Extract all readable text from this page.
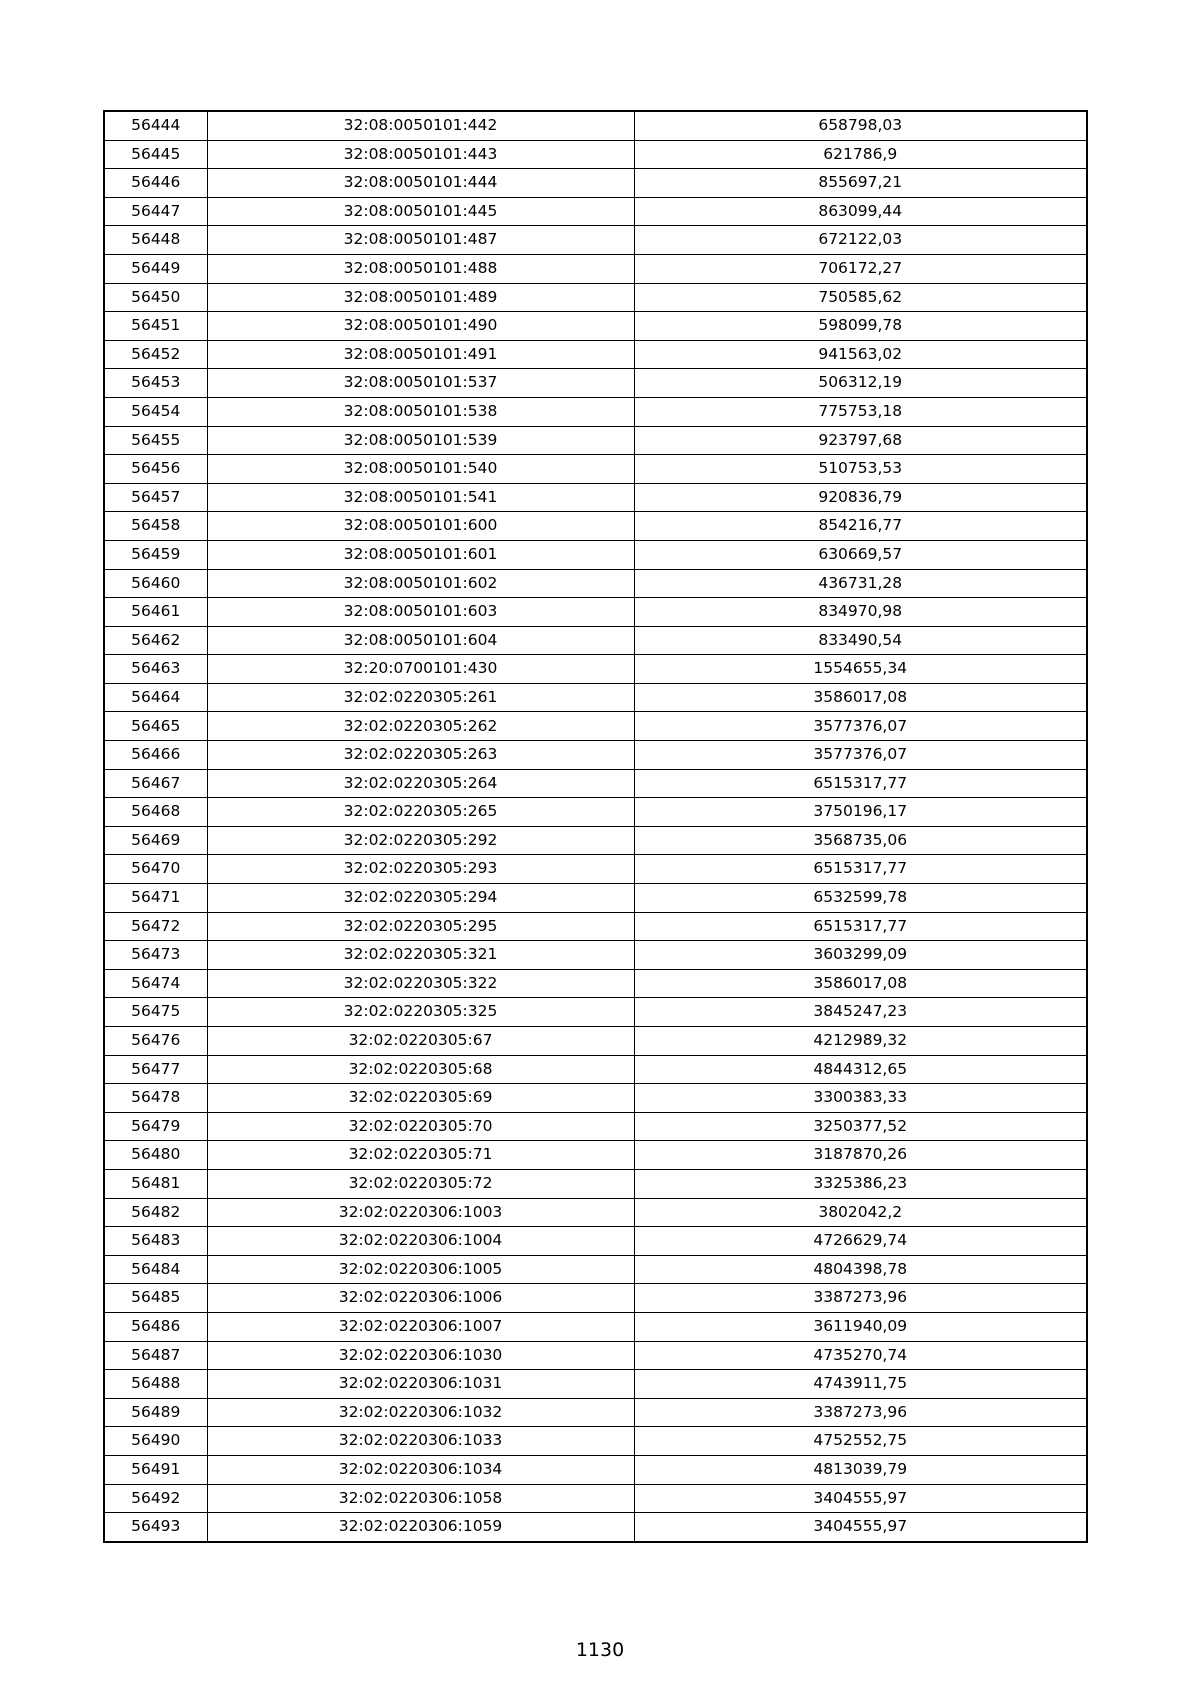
56444	32:08:0050101:442	658798,03
56445	32:08:0050101:443	621786,9
56446	32:08:0050101:444	855697,21
56447	32:08:0050101:445	863099,44
56448	32:08:0050101:487	672122,03
56449	32:08:0050101:488	706172,27
56450	32:08:0050101:489	750585,62
56451	32:08:0050101:490	598099,78
56452	32:08:0050101:491	941563,02
56453	32:08:0050101:537	506312,19
56454	32:08:0050101:538	775753,18
56455	32:08:0050101:539	923797,68
56456	32:08:0050101:540	510753,53
56457	32:08:0050101:541	920836,79
56458	32:08:0050101:600	854216,77
56459	32:08:0050101:601	630669,57
56460	32:08:0050101:602	436731,28
56461	32:08:0050101:603	834970,98
56462	32:08:0050101:604	833490,54
56463	32:20:0700101:430	1554655,34
56464	32:02:0220305:261	3586017,08
56465	32:02:0220305:262	3577376,07
56466	32:02:0220305:263	3577376,07
56467	32:02:0220305:264	6515317,77
56468	32:02:0220305:265	3750196,17
56469	32:02:0220305:292	3568735,06
56470	32:02:0220305:293	6515317,77
56471	32:02:0220305:294	6532599,78
56472	32:02:0220305:295	6515317,77
56473	32:02:0220305:321	3603299,09
56474	32:02:0220305:322	3586017,08
56475	32:02:0220305:325	3845247,23
56476	32:02:0220305:67	4212989,32
56477	32:02:0220305:68	4844312,65
56478	32:02:0220305:69	3300383,33
56479	32:02:0220305:70	3250377,52
56480	32:02:0220305:71	3187870,26
56481	32:02:0220305:72	3325386,23
56482	32:02:0220306:1003	3802042,2
56483	32:02:0220306:1004	4726629,74
56484	32:02:0220306:1005	4804398,78
56485	32:02:0220306:1006	3387273,96
56486	32:02:0220306:1007	3611940,09
56487	32:02:0220306:1030	4735270,74
56488	32:02:0220306:1031	4743911,75
56489	32:02:0220306:1032	3387273,96
56490	32:02:0220306:1033	4752552,75
56491	32:02:0220306:1034	4813039,79
56492	32:02:0220306:1058	3404555,97
56493	32:02:0220306:1059	3404555,97
1130
